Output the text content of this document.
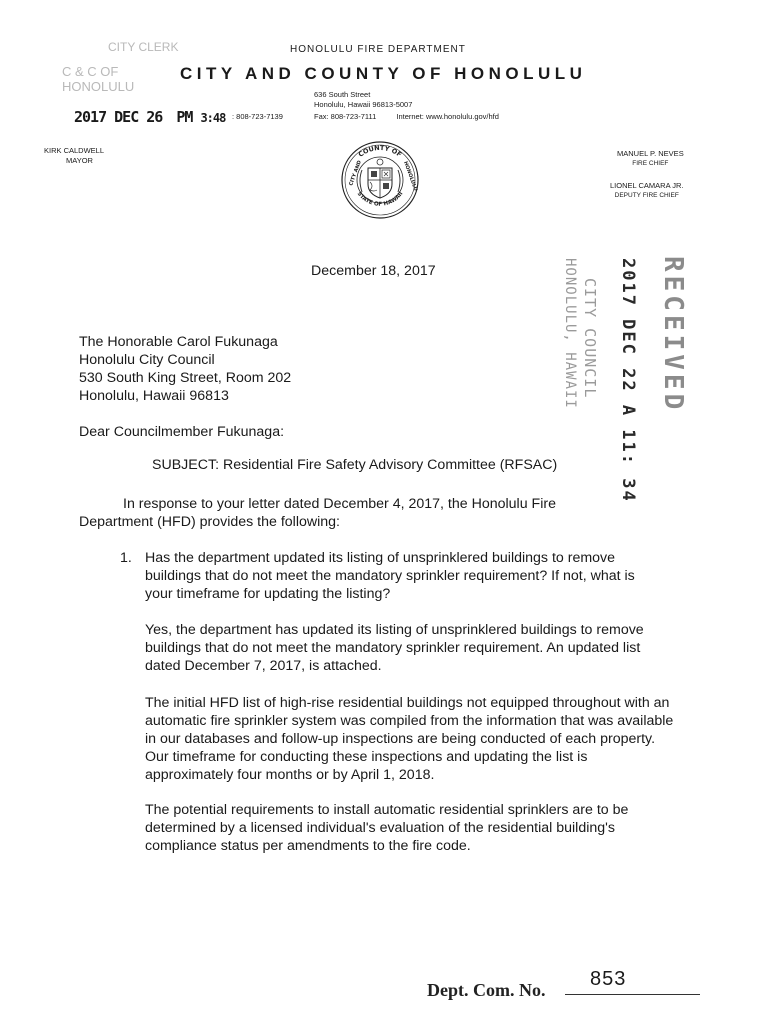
CITY CLERK
C & C OF HONOLULU
HONOLULU FIRE DEPARTMENT
CITY AND COUNTY OF HONOLULU
636 South Street
Honolulu, Hawaii 96813-5007
: 808-723-7139	Fax: 808-723-7111	Internet: www.honolulu.gov/hfd
2017 DEC 26 PM 3:48
KIRK CALDWELL
MAYOR
MANUEL P. NEVES
FIRE CHIEF
LIONEL CAMARA JR.
DEPUTY FIRE CHIEF
COUNTY OF
STATE OF HAWAII
CITY AND	HONOLULU
RECEIVED
2017 DEC 22 A 11: 34
CITY COUNCIL
HONOLULU, HAWAII
December 18, 2017
The Honorable Carol Fukunaga
Honolulu City Council
530 South King Street, Room 202
Honolulu, Hawaii 96813
Dear Councilmember Fukunaga:
SUBJECT: Residential Fire Safety Advisory Committee (RFSAC)
In response to your letter dated December 4, 2017, the Honolulu Fire
Department (HFD) provides the following:
1. Has the department updated its listing of unsprinklered buildings to remove buildings that do not meet the mandatory sprinkler requirement? If not, what is your timeframe for updating the listing?
Yes, the department has updated its listing of unsprinklered buildings to remove buildings that do not meet the mandatory sprinkler requirement. An updated list dated December 7, 2017, is attached.
The initial HFD list of high-rise residential buildings not equipped throughout with an automatic fire sprinkler system was compiled from the information that was available in our databases and follow-up inspections are being conducted of each property. Our timeframe for conducting these inspections and updating the list is approximately four months or by April 1, 2018.
The potential requirements to install automatic residential sprinklers are to be determined by a licensed individual's evaluation of the residential building's compliance status per amendments to the fire code.
Dept. Com. No. 853
